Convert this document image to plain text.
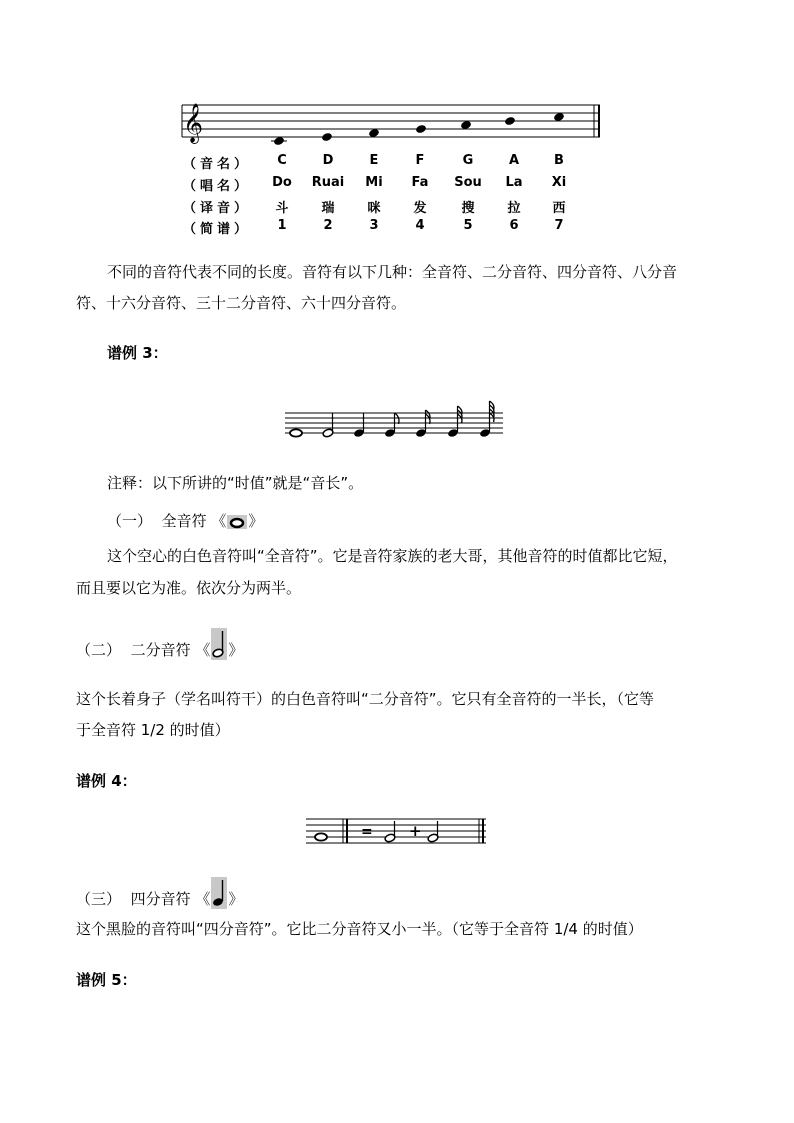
𝄞
（音名）	C	D	E	F	G	A	B
（唱名）	Do	Ruai	Mi	Fa	Sou	La	Xi
（译音）	斗	瑞	咪	发	搜	拉	西
（简谱）	1	2	3	4	5	6	7
不同的音符代表不同的长度。音符有以下几种：全音符、二分音符、四分音符、八分音
符、十六分音符、三十二分音符、六十四分音符。
谱例 3：
注释：以下所讲的“时值”就是“音长”。
（一） 全音符 《 》
这个空心的白色音符叫“全音符”。它是音符家族的老大哥，其他音符的时值都比它短，
而且要以它为准。依次分为两半。
（二） 二分音符 《 》
这个长着身子（学名叫符干）的白色音符叫“二分音符”。它只有全音符的一半长，（它等
于全音符 1/2 的时值）
谱例 4：
= +
（三） 四分音符 《 》
这个黑脸的音符叫“四分音符”。它比二分音符又小一半。（它等于全音符 1/4 的时值）
谱例 5：
